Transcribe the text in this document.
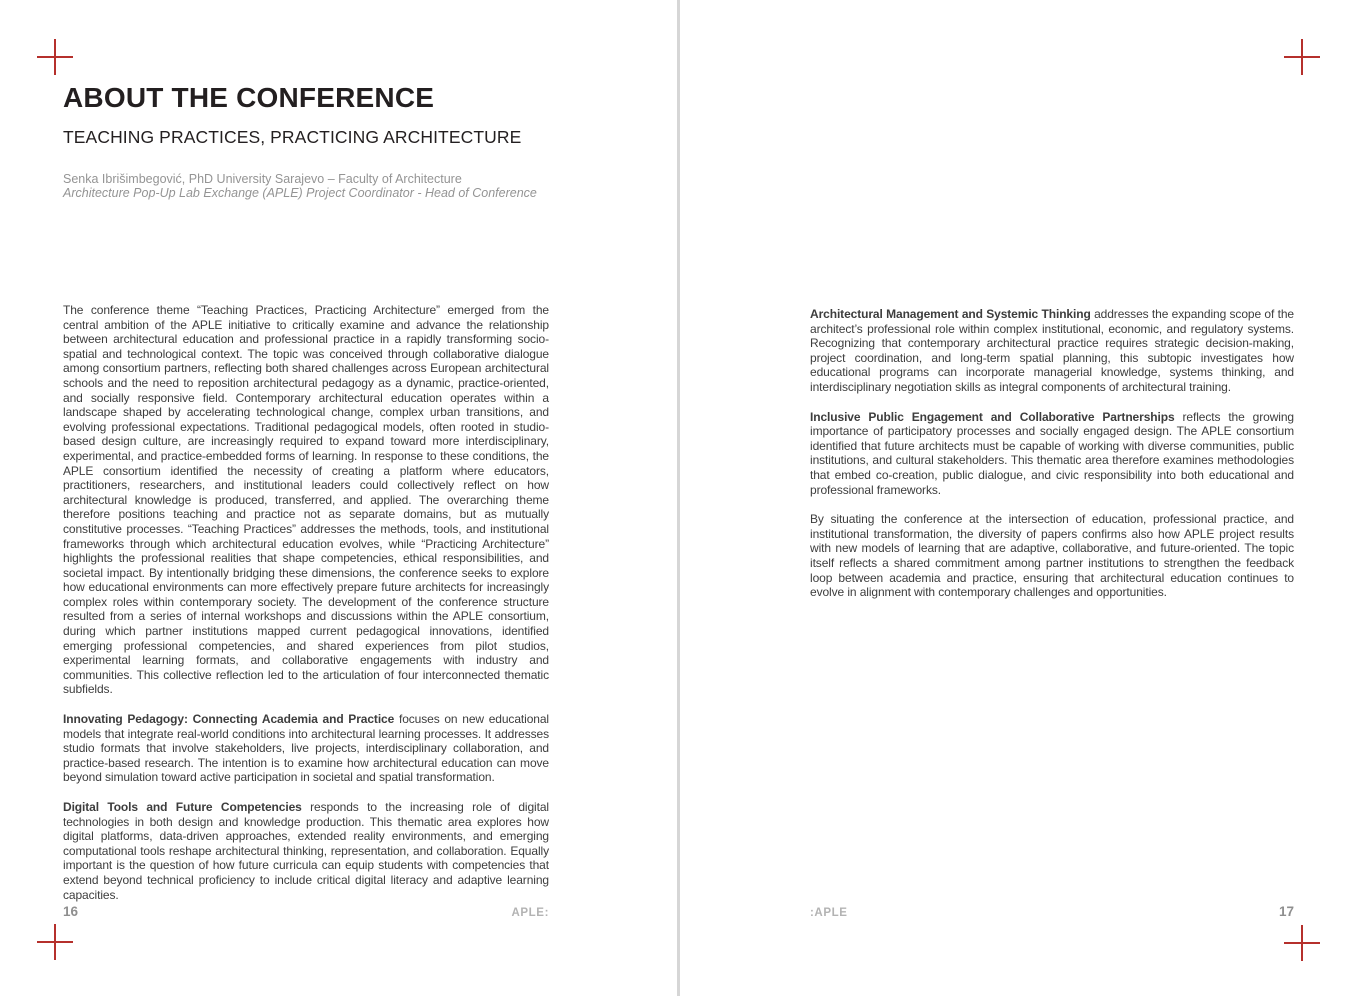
ABOUT THE CONFERENCE
TEACHING PRACTICES, PRACTICING ARCHITECTURE

Senka Ibrišimbegović, PhD University Sarajevo – Faculty of Architecture

Architecture Pop-Up Lab Exchange (APLE) Project Coordinator - Head of Conference

The conference theme “Teaching Practices, Practicing Architecture” emerged from the central ambition of the APLE initiative to critically examine and advance the relationship between architectural education and professional practice in a rapidly transforming socio-spatial and technological context. The topic was conceived through collaborative dialogue among consortium partners, reflecting both shared challenges across European architectural schools and the need to reposition architectural pedagogy as a dynamic, practice-oriented, and socially responsive field. Contemporary architectural education operates within a landscape shaped by accelerating technological change, complex urban transitions, and evolving professional expectations. Traditional pedagogical models, often rooted in studio-based design culture, are increasingly required to expand toward more interdisciplinary, experimental, and practice-embedded forms of learning. In response to these conditions, the APLE consortium identified the necessity of creating a platform where educators, practitioners, researchers, and institutional leaders could collectively reflect on how architectural knowledge is produced, transferred, and applied. The overarching theme therefore positions teaching and practice not as separate domains, but as mutually constitutive processes. “Teaching Practices” addresses the methods, tools, and institutional frameworks through which architectural education evolves, while “Practicing Architecture” highlights the professional realities that shape competencies, ethical responsibilities, and societal impact. By intentionally bridging these dimensions, the conference seeks to explore how educational environments can more effectively prepare future architects for increasingly complex roles within contemporary society. The development of the conference structure resulted from a series of internal workshops and discussions within the APLE consortium, during which partner institutions mapped current pedagogical innovations, identified emerging professional competencies, and shared experiences from pilot studios, experimental learning formats, and collaborative engagements with industry and communities. This collective reflection led to the articulation of four interconnected thematic subfields.

Innovating Pedagogy: Connecting Academia and Practice focuses on new educational models that integrate real-world conditions into architectural learning processes. It addresses studio formats that involve stakeholders, live projects, interdisciplinary collaboration, and practice-based research. The intention is to examine how architectural education can move beyond simulation toward active participation in societal and spatial transformation.

Digital Tools and Future Competencies responds to the increasing role of digital technologies in both design and knowledge production. This thematic area explores how digital platforms, data-driven approaches, extended reality environments, and emerging computational tools reshape architectural thinking, representation, and collaboration. Equally important is the question of how future curricula can equip students with competencies that extend beyond technical proficiency to include critical digital literacy and adaptive learning capacities.

16	APLE:

Architectural Management and Systemic Thinking addresses the expanding scope of the architect’s professional role within complex institutional, economic, and regulatory systems. Recognizing that contemporary architectural practice requires strategic decision-making, project coordination, and long-term spatial planning, this subtopic investigates how educational programs can incorporate managerial knowledge, systems thinking, and interdisciplinary negotiation skills as integral components of architectural training.

Inclusive Public Engagement and Collaborative Partnerships reflects the growing importance of participatory processes and socially engaged design. The APLE consortium identified that future architects must be capable of working with diverse communities, public institutions, and cultural stakeholders. This thematic area therefore examines methodologies that embed co-creation, public dialogue, and civic responsibility into both educational and professional frameworks.

By situating the conference at the intersection of education, professional practice, and institutional transformation, the diversity of papers confirms also how APLE project results with new models of learning that are adaptive, collaborative, and future-oriented. The topic itself reflects a shared commitment among partner institutions to strengthen the feedback loop between academia and practice, ensuring that architectural education continues to evolve in alignment with contemporary challenges and opportunities.

:APLE	17
